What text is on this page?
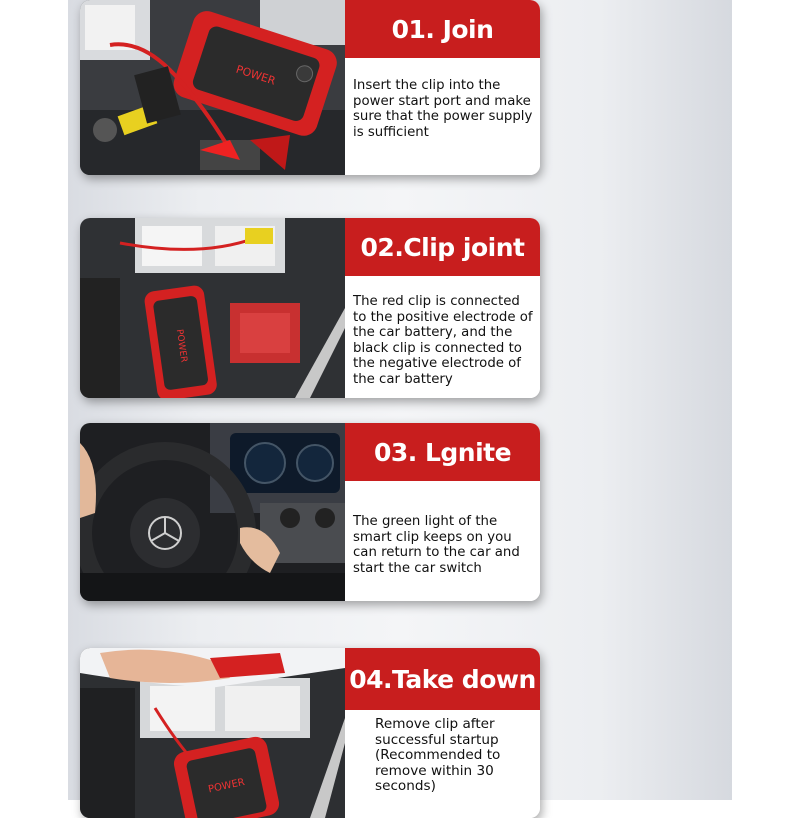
POWER
01. Join
Insert the clip into the power start port and make sure that the power supply is sufficient
POWER
02.Clip joint
The red clip is connected to the positive electrode of the car battery, and the black clip is connected to the negative electrode of the car battery
03. Lgnite
The green light of the smart clip keeps on you can return to the car and start the car switch
POWER
04.Take down
Remove clip after successful startup (Recommended to remove within 30 seconds)
